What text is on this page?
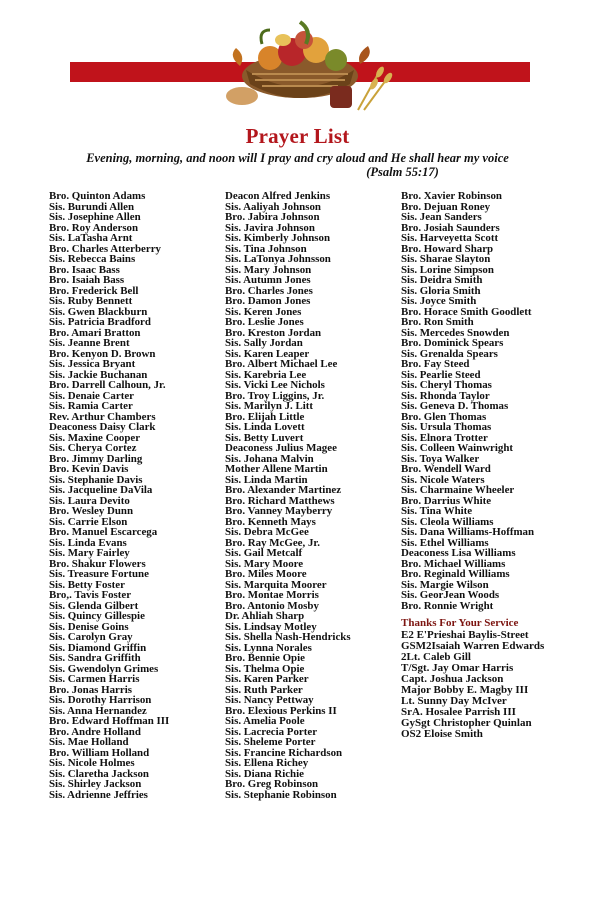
Prayer List
Evening, morning, and noon will I pray and cry aloud and He shall hear my voice
(Psalm 55:17)
Bro. Quinton Adams
Sis. Burundi Allen
Sis. Josephine Allen
Bro. Roy Anderson
Sis. LaTasha Arnt
Bro. Charles Atterberry
Sis. Rebecca Bains
Bro. Isaac Bass
Bro. Isaiah Bass
Bro. Frederick Bell
Sis. Ruby Bennett
Sis. Gwen Blackburn
Sis. Patricia Bradford
Bro. Amari Bratton
Sis. Jeanne Brent
Bro. Kenyon D. Brown
Sis. Jessica Bryant
Sis. Jackie Buchanan
Bro. Darrell Calhoun, Jr.
Sis. Denaie Carter
Sis. Ramia Carter
Rev. Arthur Chambers
Deaconess Daisy Clark
Sis. Maxine Cooper
Sis. Cherya Cortez
Bro. Jimmy Darling
Bro. Kevin Davis
Sis. Stephanie Davis
Sis. Jacqueline DaVila
Sis. Laura Devito
Bro. Wesley Dunn
Sis. Carrie Elson
Bro. Manuel Escarcega
Sis. Linda Evans
Sis. Mary Fairley
Bro. Shakur Flowers
Sis. Treasure Fortune
Sis. Betty Foster
Bro,. Tavis Foster
Sis. Glenda Gilbert
Sis. Quincy Gillespie
Sis. Denise Goins
Sis. Carolyn Gray
Sis. Diamond Griffin
Sis. Sandra Griffith
Sis. Gwendolyn Grimes
Sis. Carmen Harris
Bro. Jonas Harris
Sis. Dorothy Harrison
Sis. Anna Hernandez
Bro. Edward Hoffman III
Bro. Andre Holland
Sis. Mae Holland
Bro. William Holland
Sis. Nicole Holmes
Sis. Claretha Jackson
Sis. Shirley Jackson
Sis. Adrienne Jeffries
Deacon Alfred Jenkins
Sis. Aaliyah Johnson
Bro. Jabira Johnson
Sis. Javira Johnson
Sis. Kimberly Johnson
Sis. Tina Johnson
Sis. LaTonya Johnsson
Sis. Mary Johnson
Sis. Autumn Jones
Bro. Charles Jones
Bro. Damon Jones
Sis. Keren Jones
Bro. Leslie Jones
Bro. Kreston Jordan
Sis. Sally Jordan
Sis. Karen Leaper
Bro. Albert Michael Lee
Sis. Karebria Lee
Sis. Vicki Lee Nichols
Bro. Troy Liggins, Jr.
Sis. Marilyn J. Litt
Bro. Elijah Little
Sis. Linda Lovett
Sis. Betty Luvert
Deaconess Julius Magee
Sis. Johana Malvin
Mother Allene Martin
Sis. Linda Martin
Bro. Alexander Martinez
Bro. Richard Matthews
Bro. Vanney Mayberry
Bro. Kenneth Mays
Sis. Debra McGee
Bro. Ray McGee, Jr.
Sis. Gail Metcalf
Sis. Mary Moore
Bro. Miles Moore
Sis. Marquita Moorer
Bro. Montae Morris
Bro. Antonio Mosby
Dr. Ahliah Sharp
Sis. Lindsay Motley
Sis. Shella Nash-Hendricks
Sis. Lynna Norales
Bro. Bennie Opie
Sis. Thelma Opie
Sis. Karen Parker
Sis. Ruth Parker
Sis. Nancy Pettway
Bro. Elexious Perkins II
Sis. Amelia Poole
Sis. Lacrecia Porter
Sis. Sheleme Porter
Sis. Francine Richardson
Sis. Ellena Richey
Sis. Diana Richie
Bro. Greg Robinson
Sis. Stephanie Robinson
Bro. Xavier Robinson
Bro. Dejuan Roney
Sis. Jean Sanders
Bro. Josiah Saunders
Sis. Harveyetta Scott
Bro. Howard Sharp
Sis. Sharae Slayton
Sis. Lorine Simpson
Sis. Deidra Smith
Sis. Gloria Smith
Sis. Joyce Smith
Bro. Horace Smith Goodlett
Bro. Ron Smith
Sis. Mercedes Snowden
Bro. Dominick Spears
Sis. Grenalda Spears
Bro. Fay Steed
Sis. Pearlie Steed
Sis. Cheryl Thomas
Sis. Rhonda Taylor
Sis. Geneva D. Thomas
Bro. Glen Thomas
Sis. Ursula Thomas
Sis. Elnora Trotter
Sis. Colleen Wainwright
Sis. Toya Walker
Bro. Wendell Ward
Sis. Nicole Waters
Sis. Charmaine Wheeler
Bro. Darrius White
Sis. Tina White
Sis. Cleola Williams
Sis. Dana Williams-Hoffman
Sis. Ethel Williams
Deaconess Lisa Williams
Bro. Michael Williams
Bro. Reginald Williams
Sis. Margie Wilson
Sis. GeorJean Woods
Bro. Ronnie Wright
Thanks For Your Service
E2 E'Prieshai Baylis-Street
GSM2Isaiah Warren Edwards
2Lt. Caleb Gill
T/Sgt. Jay Omar Harris
Capt. Joshua Jackson
Major Bobby E. Magby III
Lt. Sunny Day McIver
SrA. Hosalee Parrish III
GySgt Christopher Quinlan
OS2 Eloise Smith
